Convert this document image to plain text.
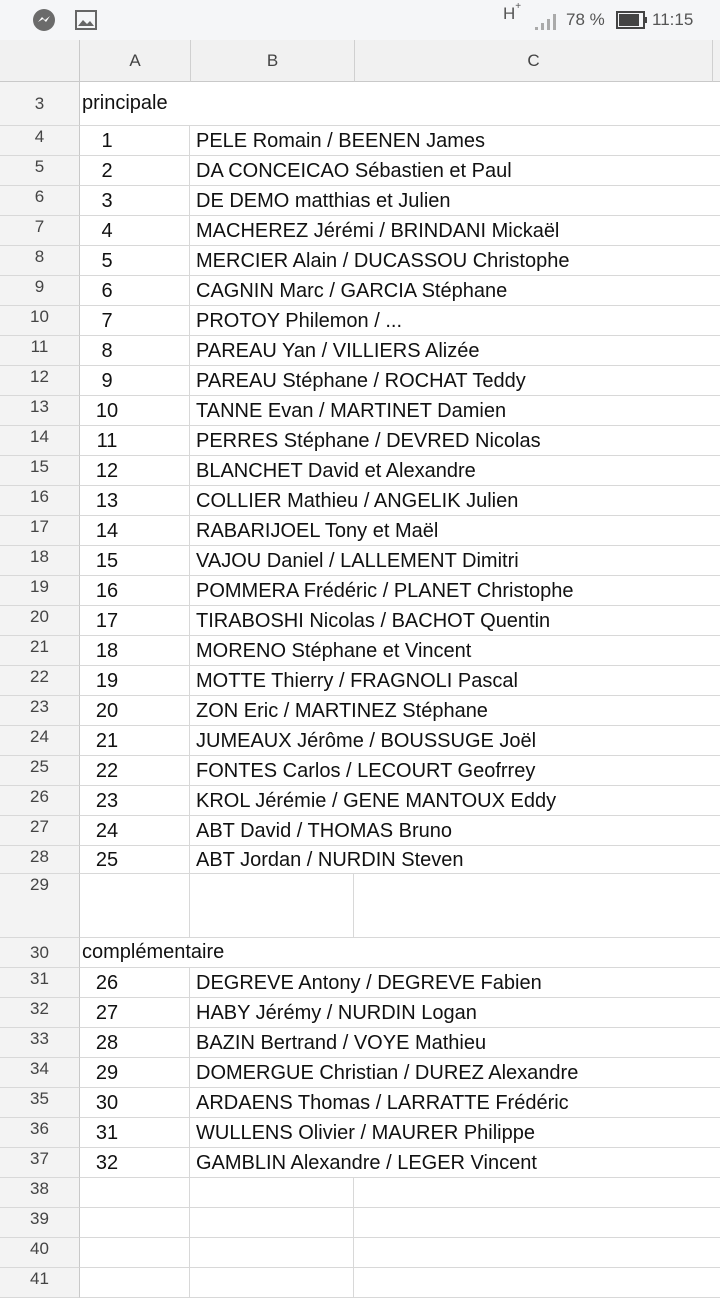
H +
78 %	11:15
A	B	C
3	principale
4	1	PELE Romain / BEENEN James
5	2	DA CONCEICAO Sébastien et Paul
6	3	DE DEMO matthias et Julien
7	4	MACHEREZ Jérémi / BRINDANI Mickaël
8	5	MERCIER Alain / DUCASSOU Christophe
9	6	CAGNIN Marc / GARCIA Stéphane
10	7	PROTOY Philemon / ...
11	8	PAREAU Yan / VILLIERS Alizée
12	9	PAREAU Stéphane / ROCHAT Teddy
13	10	TANNE Evan / MARTINET Damien
14	11	PERRES Stéphane / DEVRED Nicolas
15	12	BLANCHET David et Alexandre
16	13	COLLIER Mathieu / ANGELIK Julien
17	14	RABARIJOEL Tony et Maël
18	15	VAJOU Daniel / LALLEMENT Dimitri
19	16	POMMERA Frédéric / PLANET Christophe
20	17	TIRABOSHI Nicolas / BACHOT Quentin
21	18	MORENO Stéphane et Vincent
22	19	MOTTE Thierry / FRAGNOLI Pascal
23	20	ZON Eric / MARTINEZ Stéphane
24	21	JUMEAUX Jérôme / BOUSSUGE Joël
25	22	FONTES Carlos / LECOURT Geofrrey
26	23	KROL Jérémie / GENE MANTOUX Eddy
27	24	ABT David / THOMAS Bruno
28	25	ABT Jordan / NURDIN Steven
29
30	complémentaire
31	26	DEGREVE Antony / DEGREVE Fabien
32	27	HABY Jérémy / NURDIN Logan
33	28	BAZIN Bertrand / VOYE Mathieu
34	29	DOMERGUE Christian / DUREZ Alexandre
35	30	ARDAENS Thomas / LARRATTE Frédéric
36	31	WULLENS Olivier / MAURER Philippe
37	32	GAMBLIN Alexandre / LEGER Vincent
38
39
40
41
